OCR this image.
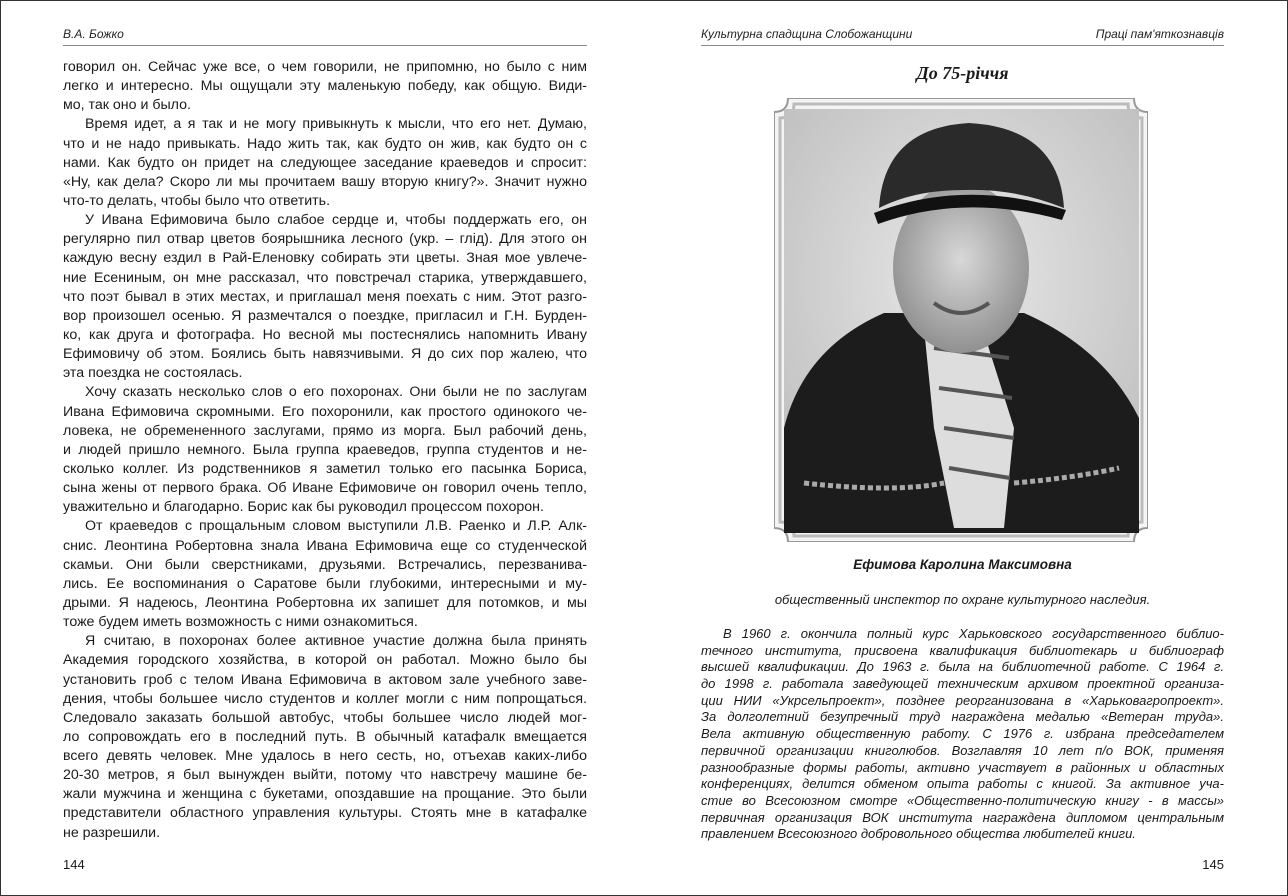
В.А. Божко
говорил он. Сейчас уже все, о чем говорили, не припомню, но было с ним
легко и интересно. Мы ощущали эту маленькую победу, как общую. Види-
мо, так оно и было.
Время идет, а я так и не могу привыкнуть к мысли, что его нет. Думаю,
что и не надо привыкать. Надо жить так, как будто он жив, как будто он с
нами. Как будто он придет на следующее заседание краеведов и спросит:
«Ну, как дела? Скоро ли мы прочитаем вашу вторую книгу?». Значит нужно
что-то делать, чтобы было что ответить.
У Ивана Ефимовича было слабое сердце и, чтобы поддержать его, он
регулярно пил отвар цветов боярышника лесного (укр. – глід). Для этого он
каждую весну ездил в Рай-Еленовку собирать эти цветы. Зная мое увлече-
ние Есениным, он мне рассказал, что повстречал старика, утверждавшего,
что поэт бывал в этих местах, и приглашал меня поехать с ним. Этот разго-
вор произошел осенью. Я размечтался о поездке, пригласил и Г.Н. Бурден-
ко, как друга и фотографа. Но весной мы постеснялись напомнить Ивану
Ефимовичу об этом. Боялись быть навязчивыми. Я до сих пор жалею, что
эта поездка не состоялась.
Хочу сказать несколько слов о его похоронах. Они были не по заслугам
Ивана Ефимовича скромными. Его похоронили, как простого одинокого че-
ловека, не обремененного заслугами, прямо из морга. Был рабочий день,
и людей пришло немного. Была группа краеведов, группа студентов и не-
сколько коллег. Из родственников я заметил только его пасынка Бориса,
сына жены от первого брака. Об Иване Ефимовиче он говорил очень тепло,
уважительно и благодарно. Борис как бы руководил процессом похорон.
От краеведов с прощальным словом выступили Л.В. Раенко и Л.Р. Алк-
снис. Леонтина Робертовна знала Ивана Ефимовича еще со студенческой
скамьи. Они были сверстниками, друзьями. Встречались, перезванива-
лись. Ее воспоминания о Саратове были глубокими, интересными и му-
дрыми. Я надеюсь, Леонтина Робертовна их запишет для потомков, и мы
тоже будем иметь возможность с ними ознакомиться.
Я считаю, в похоронах более активное участие должна была принять
Академия городского хозяйства, в которой он работал. Можно было бы
установить гроб с телом Ивана Ефимовича в актовом зале учебного заве-
дения, чтобы большее число студентов и коллег могли с ним попрощаться.
Следовало заказать большой автобус, чтобы большее число людей мог-
ло сопровождать его в последний путь. В обычный катафалк вмещается
всего девять человек. Мне удалось в него сесть, но, отъехав каких-либо
20-30 метров, я был вынужден выйти, потому что навстречу машине бе-
жали мужчина и женщина с букетами, опоздавшие на прощание. Это были
представители областного управления культуры. Стоять мне в катафалке
не разрешили.
144
Культурна спадщина Слобожанщини	Праці пам'яткознавців
До 75-річчя
Ефимова Каролина Максимовна
общественный инспектор по охране культурного наследия.
В 1960 г. окончила полный курс Харьковского государственного библио-
течного института, присвоена квалификация библиотекарь и библиограф
высшей квалификации. До 1963 г. была на библиотечной работе. С 1964 г.
до 1998 г. работала заведующей техническим архивом проектной организа-
ции НИИ «Укрсельпроект», позднее реорганизована в «Харьковагропроект».
За долголетний безупречный труд награждена медалью «Ветеран труда».
Вела активную общественную работу. С 1976 г. избрана председателем
первичной организации книголюбов. Возглавляя 10 лет п/о ВОК, применяя
разнообразные формы работы, активно участвует в районных и областных
конференциях, делится обменом опыта работы с книгой. За активное уча-
стие во Всесоюзном смотре «Общественно-политическую книгу - в массы»
первичная организация ВОК института награждена дипломом центральным
правлением Всесоюзного добровольного общества любителей книги.
145
